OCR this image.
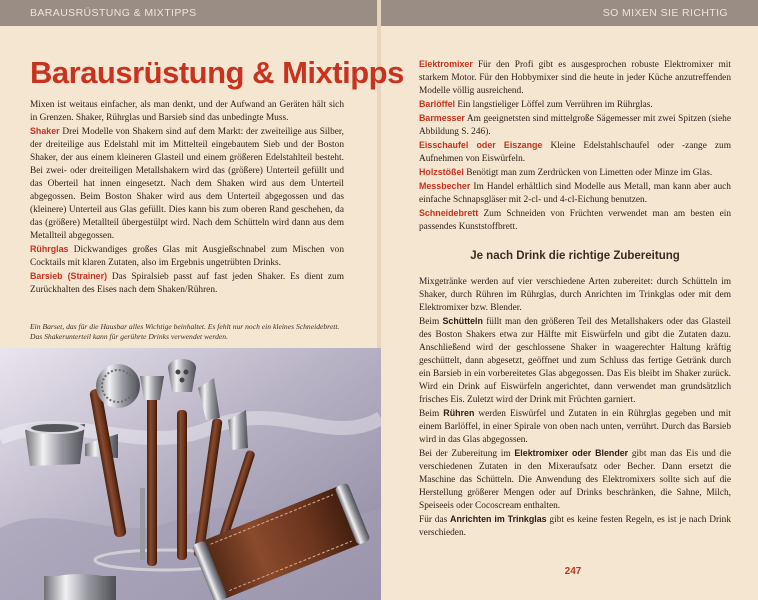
BARAUSRÜSTUNG & MIXTIPPS	SO MIXEN SIE RICHTIG
Barausrüstung & Mixtipps

Mixen ist weitaus einfacher, als man denkt, und der Aufwand an Geräten hält sich in Grenzen. Shaker, Rührglas und Barsieb sind das unbedingte Muss.

Shaker Drei Modelle von Shakern sind auf dem Markt: der zweiteilige aus Silber, der dreiteilige aus Edelstahl mit im Mittelteil eingebautem Sieb und der Boston Shaker, der aus einem kleineren Glasteil und einem größeren Edelstahlteil besteht. Bei zwei- oder dreiteiligen Metallshakern wird das (größere) Unterteil gefüllt und das Oberteil hat innen eingesetzt. Nach dem Shaken wird aus dem Unterteil abgegossen. Beim Boston Shaker wird aus dem Unterteil abgegossen und das (kleinere) Unterteil aus Glas gefüllt. Dies kann bis zum oberen Rand geschehen, da das (größere) Metallteil übergestülpt wird. Nach dem Schütteln wird dann aus dem Metallteil abgegossen.

Rührglas Dickwandiges großes Glas mit Ausgießschnabel zum Mischen von Cocktails mit klaren Zutaten, also im Ergebnis ungetrübten Drinks.

Barsieb (Strainer) Das Spiralsieb passt auf fast jeden Shaker. Es dient zum Zurückhalten des Eises nach dem Shaken/Rühren.

Ein Barset, das für die Hausbar alles Wichtige beinhaltet. Es fehlt nur noch ein kleines Schneidebrett. Das Shakerunterteil kann für gerührte Drinks verwendet werden.

Elektromixer Für den Profi gibt es ausgesprochen robuste Elektromixer mit starkem Motor. Für den Hobbymixer sind die heute in jeder Küche anzutreffenden Modelle völlig ausreichend.

Barlöffel Ein langstieliger Löffel zum Verrühren im Rührglas.

Barmesser Am geeignetsten sind mittelgroße Sägemesser mit zwei Spitzen (siehe Abbildung S. 246).

Eisschaufel oder Eiszange Kleine Edelstahlschaufel oder -zange zum Aufnehmen von Eiswürfeln.

Holzstößel Benötigt man zum Zerdrücken von Limetten oder Minze im Glas.

Messbecher Im Handel erhältlich sind Modelle aus Metall, man kann aber auch einfache Schnapsgläser mit 2-cl- und 4-cl-Eichung benutzen.

Schneidebrett Zum Schneiden von Früchten verwendet man am besten ein passendes Kunststoffbrett.

Je nach Drink die richtige Zubereitung

Mixgetränke werden auf vier verschiedene Arten zubereitet: durch Schütteln im Shaker, durch Rühren im Rührglas, durch Anrichten im Trinkglas oder mit dem Elektromixer bzw. Blender.

Beim Schütteln füllt man den größeren Teil des Metallshakers oder das Glasteil des Boston Shakers etwa zur Hälfte mit Eiswürfeln und gibt die Zutaten dazu. Anschließend wird der geschlossene Shaker in waagerechter Haltung kräftig geschüttelt, dann abgesetzt, geöffnet und zum Schluss das fertige Getränk durch ein Barsieb in ein vorbereitetes Glas abgegossen. Das Eis bleibt im Shaker zurück. Wird ein Drink auf Eiswürfeln angerichtet, dann verwendet man grundsätzlich frisches Eis. Zuletzt wird der Drink mit Früchten garniert.

Beim Rühren werden Eiswürfel und Zutaten in ein Rührglas gegeben und mit einem Barlöffel, in einer Spirale von oben nach unten, verrührt. Durch das Barsieb wird in das Glas abgegossen.

Bei der Zubereitung im Elektromixer oder Blender gibt man das Eis und die verschiedenen Zutaten in den Mixeraufsatz oder Becher. Dann ersetzt die Maschine das Schütteln. Die Anwendung des Elektromixers sollte sich auf die Herstellung größerer Mengen oder auf Drinks beschränken, die Sahne, Milch, Speiseeis oder Cocoscream enthalten.

Für das Anrichten im Trinkglas gibt es keine festen Regeln, es ist je nach Drink verschieden.

247
